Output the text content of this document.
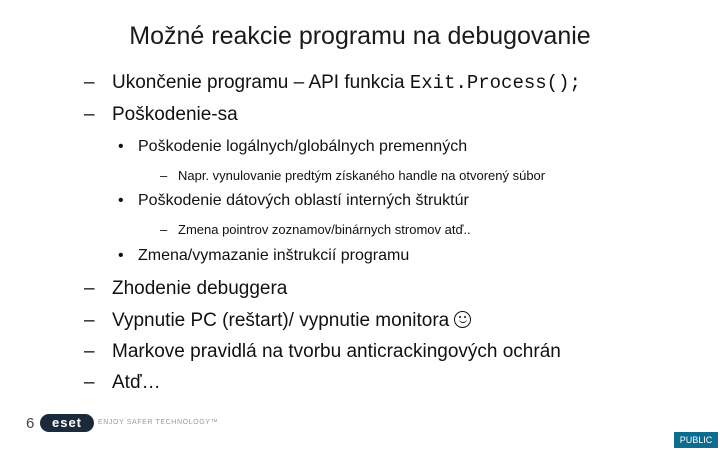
Možné reakcie programu na debugovanie
– Ukončenie programu – API funkcia Exit.Process();
– Poškodenie-sa
• Poškodenie logálnych/globálnych premenných
– Napr. vynulovanie predtým získaného handle na otvorený súbor
• Poškodenie dátových oblastí interných štruktúr
– Zmena pointrov zoznamov/binárnych stromov atď..
• Zmena/vymazanie inštrukcií programu
– Zhodenie debuggera
– Vypnutie PC (reštart)/ vypnutie monitora
– Markove pravidlá na tvorbu anticrackingových ochrán
– Atď…
6	eset	ENJOY SAFER TECHNOLOGY™
PUBLIC
